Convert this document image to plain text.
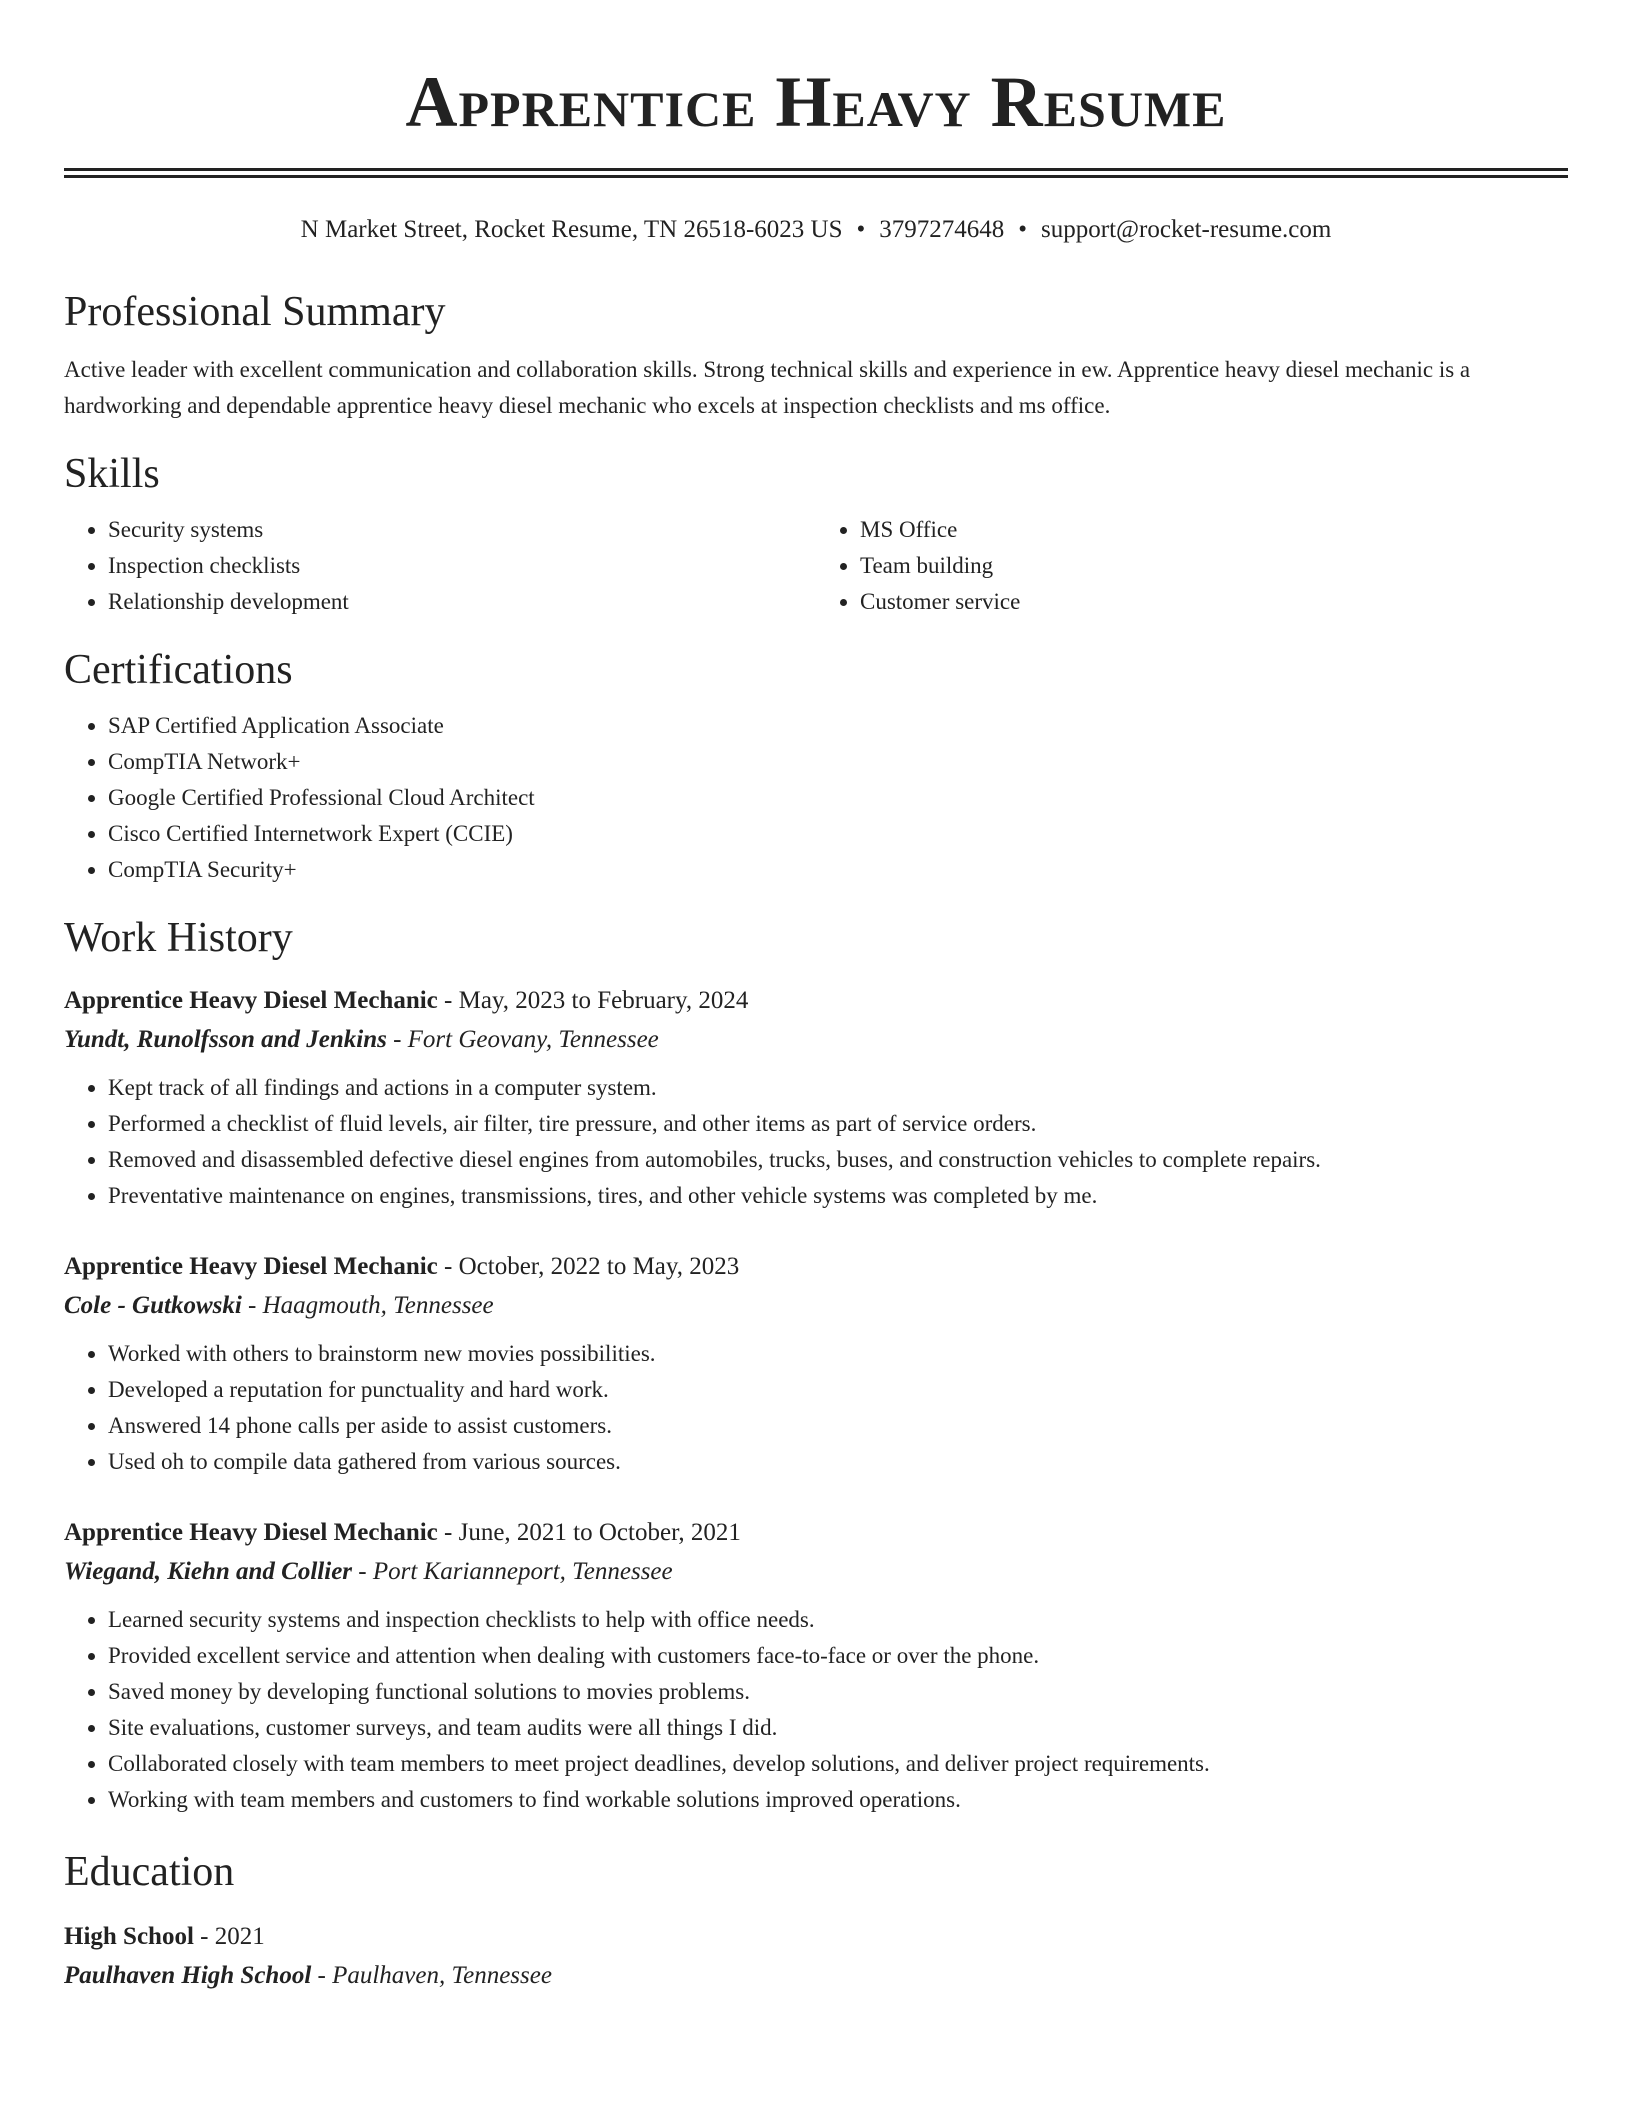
Apprentice Heavy Resume
N Market Street, Rocket Resume, TN 26518-6023 US • 3797274648 • support@rocket-resume.com
Professional Summary

Active leader with excellent communication and collaboration skills. Strong technical skills and experience in ew. Apprentice heavy diesel mechanic is a hardworking and dependable apprentice heavy diesel mechanic who excels at inspection checklists and ms office.

Skills
• Security systems
• Inspection checklists
• Relationship development
• MS Office
• Team building
• Customer service
Certifications
• SAP Certified Application Associate
• CompTIA Network+
• Google Certified Professional Cloud Architect
• Cisco Certified Internetwork Expert (CCIE)
• CompTIA Security+
Work History
Apprentice Heavy Diesel Mechanic - May, 2023 to February, 2024
Yundt, Runolfsson and Jenkins - Fort Geovany, Tennessee
• Kept track of all findings and actions in a computer system.
• Performed a checklist of fluid levels, air filter, tire pressure, and other items as part of service orders.
• Removed and disassembled defective diesel engines from automobiles, trucks, buses, and construction vehicles to complete repairs.
• Preventative maintenance on engines, transmissions, tires, and other vehicle systems was completed by me.
Apprentice Heavy Diesel Mechanic - October, 2022 to May, 2023
Cole - Gutkowski - Haagmouth, Tennessee
• Worked with others to brainstorm new movies possibilities.
• Developed a reputation for punctuality and hard work.
• Answered 14 phone calls per aside to assist customers.
• Used oh to compile data gathered from various sources.
Apprentice Heavy Diesel Mechanic - June, 2021 to October, 2021
Wiegand, Kiehn and Collier - Port Karianneport, Tennessee
• Learned security systems and inspection checklists to help with office needs.
• Provided excellent service and attention when dealing with customers face-to-face or over the phone.
• Saved money by developing functional solutions to movies problems.
• Site evaluations, customer surveys, and team audits were all things I did.
• Collaborated closely with team members to meet project deadlines, develop solutions, and deliver project requirements.
• Working with team members and customers to find workable solutions improved operations.
Education
High School - 2021
Paulhaven High School - Paulhaven, Tennessee
